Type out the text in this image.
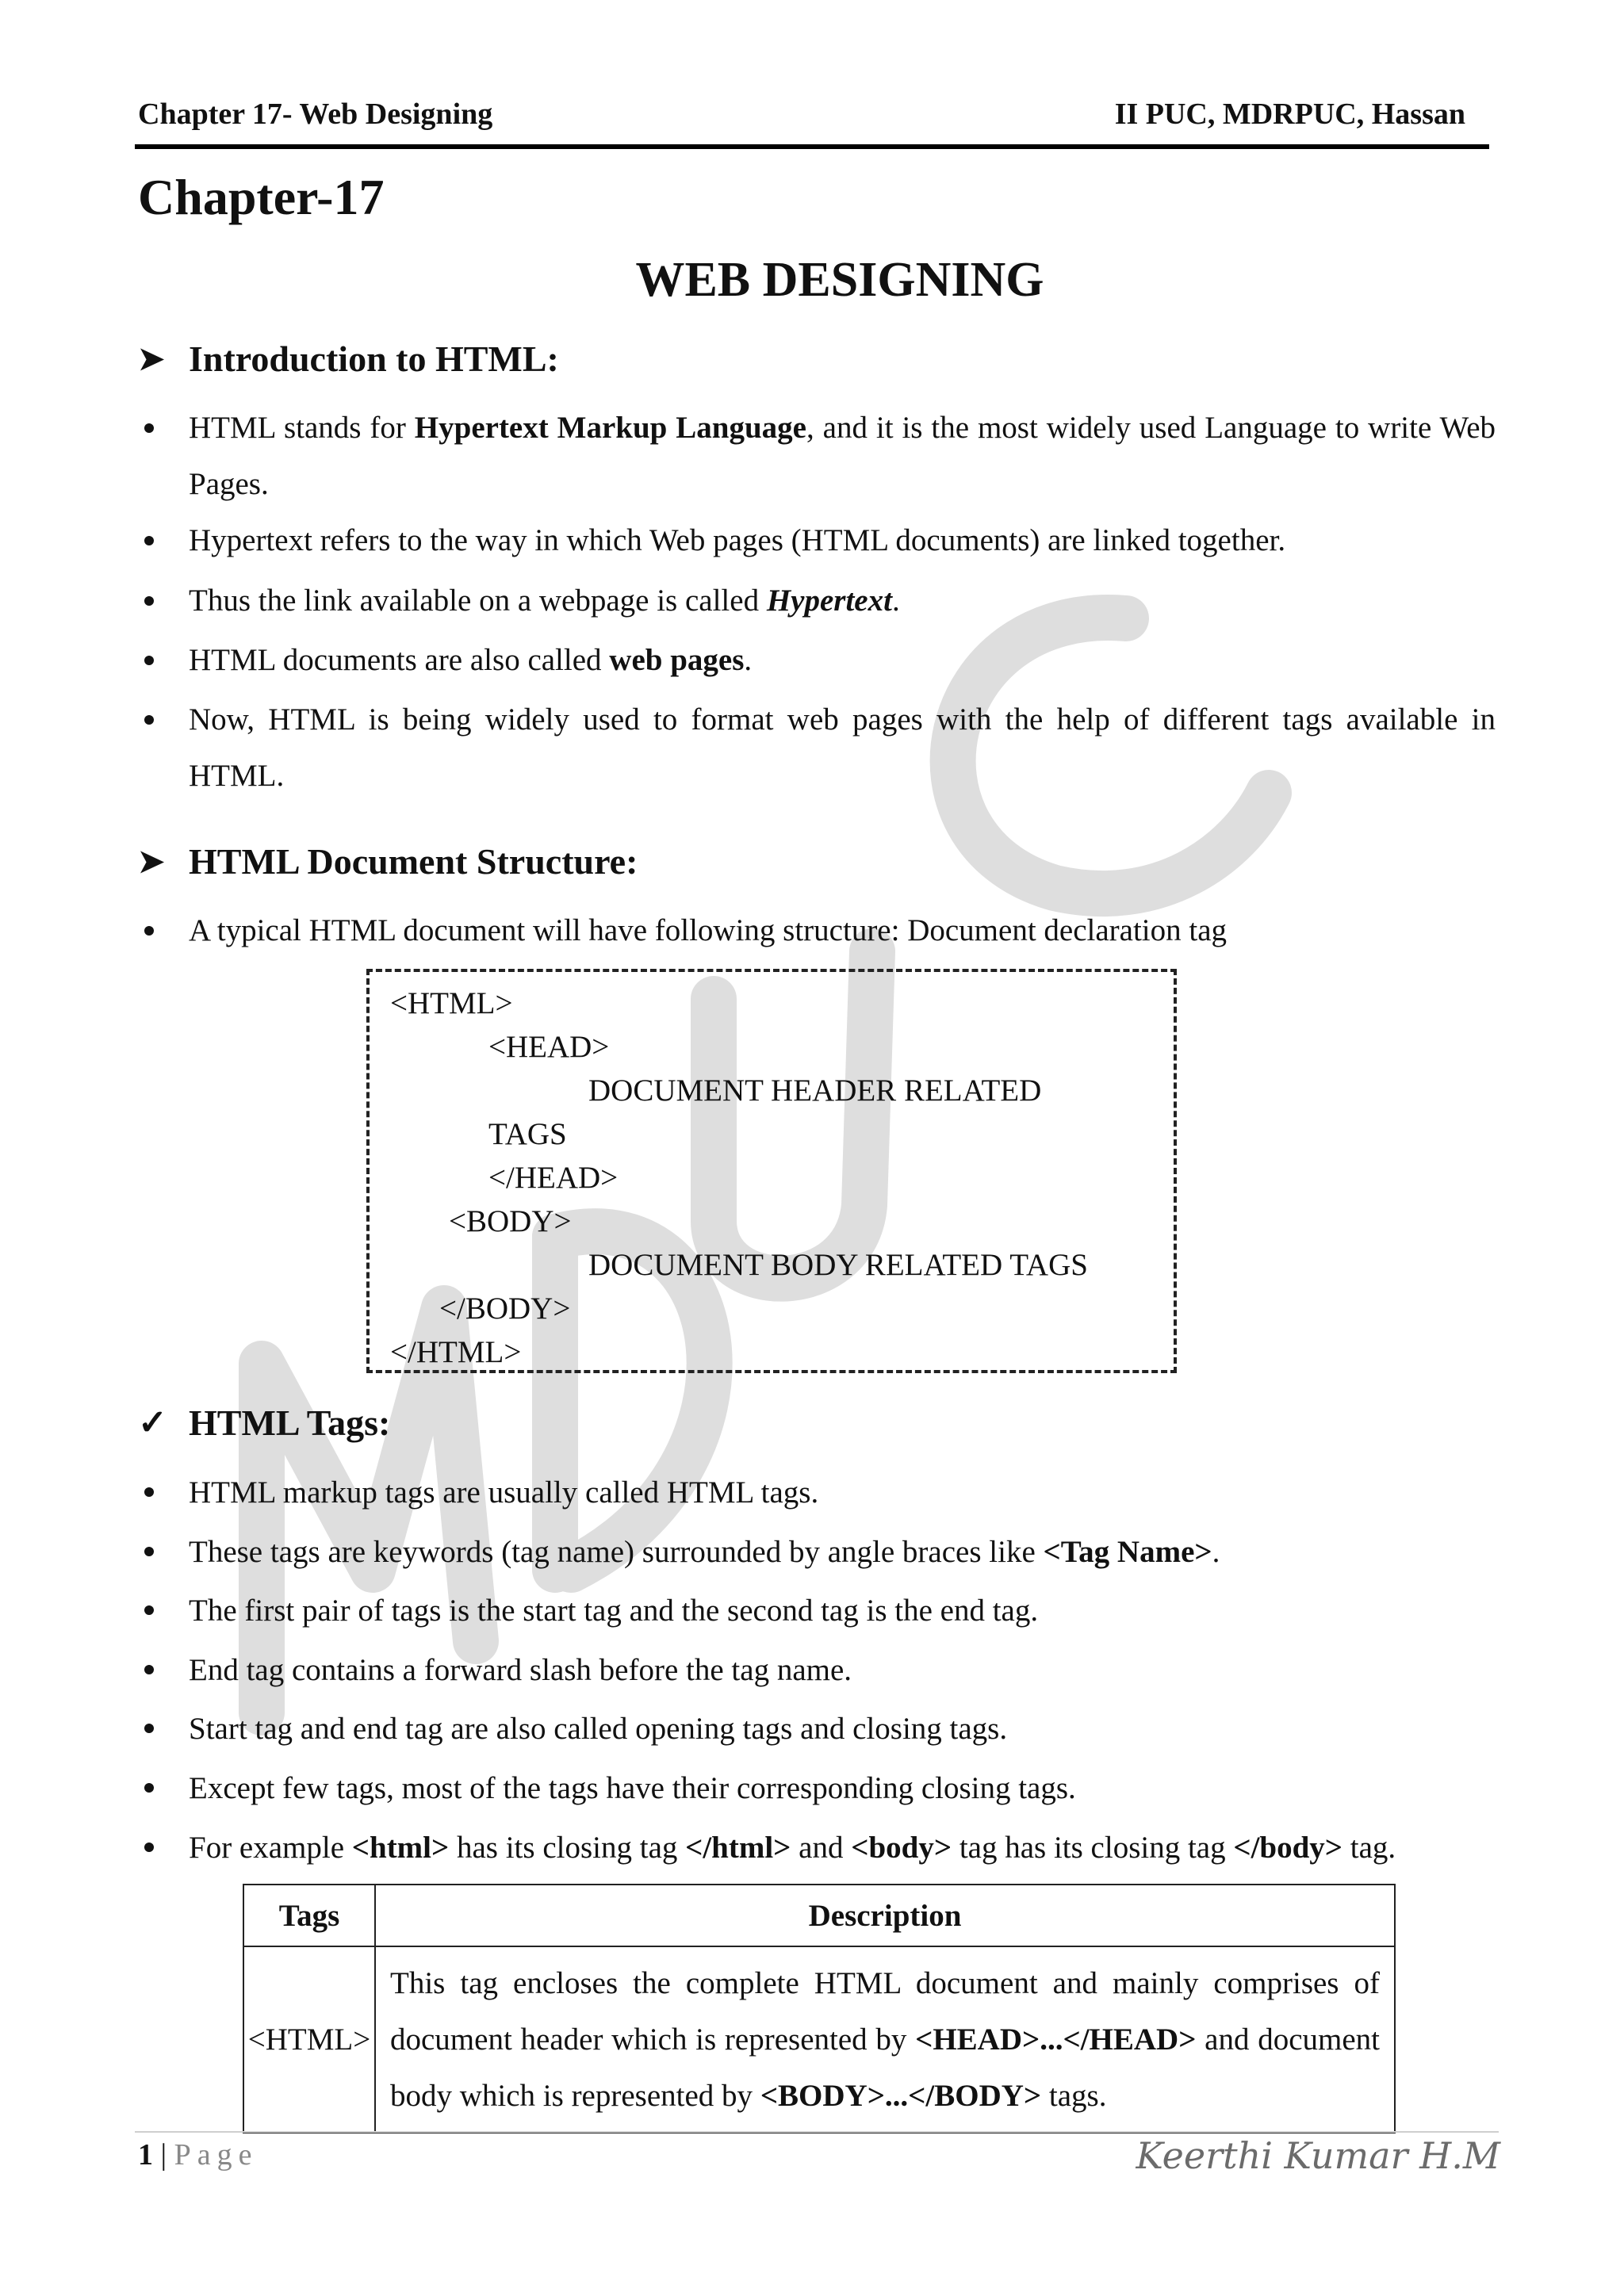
Chapter 17- Web Designing	II PUC, MDRPUC, Hassan
Chapter-17
WEB DESIGNING
➤ Introduction to HTML:
HTML stands for Hypertext Markup Language, and it is the most widely used Language to write Web Pages.
Hypertext refers to the way in which Web pages (HTML documents) are linked together.
Thus the link available on a webpage is called Hypertext.
HTML documents are also called web pages.
Now, HTML is being widely used to format web pages with the help of different tags available in HTML.
➤ HTML Document Structure:
A typical HTML document will have following structure: Document declaration tag
<HTML>
<HEAD>
DOCUMENT HEADER RELATED
TAGS
</HEAD>
<BODY>
DOCUMENT BODY RELATED TAGS
</BODY>
</HTML>
✓ HTML Tags:
HTML markup tags are usually called HTML tags.
These tags are keywords (tag name) surrounded by angle braces like <Tag Name>.
The first pair of tags is the start tag and the second tag is the end tag.
End tag contains a forward slash before the tag name.
Start tag and end tag are also called opening tags and closing tags.
Except few tags, most of the tags have their corresponding closing tags.
For example <html> has its closing tag </html> and <body> tag has its closing tag </body> tag.
Tags	Description
<HTML>	This tag encloses the complete HTML document and mainly comprises of document header which is represented by <HEAD>...</HEAD> and document body which is represented by <BODY>...</BODY> tags.
1 | Page	Keerthi Kumar H.M
